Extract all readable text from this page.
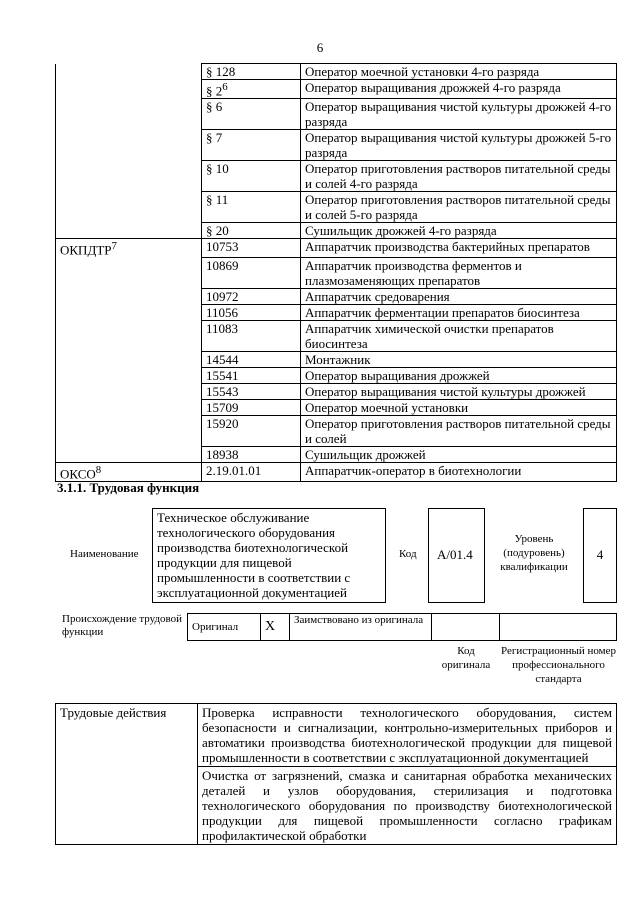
6
	§ 128	Оператор моечной установки 4-го разряда
	§ $2^6$	Оператор выращивания дрожжей 4-го разряда
	§ 6	Оператор выращивания чистой культуры дрожжей 4-го разряда
	§ 7	Оператор выращивания чистой культуры дрожжей 5-го разряда
	§ 10	Оператор приготовления растворов питательной среды и солей 4-го разряда
	§ 11	Оператор приготовления растворов питательной среды и солей 5-го разряда
	§ 20	Сушильщик дрожжей 4-го разряда
ОКПДТР$^7$	10753	Аппаратчик производства бактерийных препаратов
	10869	Аппаратчик производства ферментов и плазмозаменяющих препаратов
	10972	Аппаратчик средоварения
	11056	Аппаратчик ферментации препаратов биосинтеза
	11083	Аппаратчик химической очистки препаратов биосинтеза
	14544	Монтажник
	15541	Оператор выращивания дрожжей
	15543	Оператор выращивания чистой культуры дрожжей
	15709	Оператор моечной установки
	15920	Оператор приготовления растворов питательной среды и солей
	18938	Сушильщик дрожжей
ОКСО$^8$	2.19.01.01	Аппаратчик-оператор в биотехнологии
3.1.1. Трудовая функция
Наименование
Техническое обслуживание технологического оборудования производства биотехнологической продукции для пищевой промышленности в соответствии с эксплуатационной документацией
Код	А/01.4
Уровень (подуровень) квалификации
4
Происхождение трудовой функции	Оригинал	X	Заимствовано из оригинала		
Код оригинала
Регистрационный номер профессионального стандарта
Трудовые действия	Проверка исправности технологического оборудования, систем безопасности и сигнализации, контрольно-измерительных приборов и автоматики производства биотехнологической продукции для пищевой промышленности в соответствии с эксплуатационной документацией
Очистка от загрязнений, смазка и санитарная обработка механических деталей и узлов оборудования, стерилизация и подготовка технологического оборудования по производству биотехнологической продукции для пищевой промышленности согласно графикам профилактической обработки
